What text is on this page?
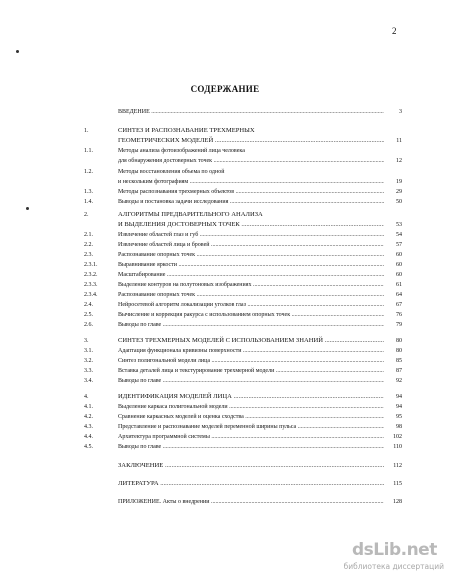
2
СОДЕРЖАНИЕ
ВВЕДЕНИЕ .....	3
1.	СИНТЕЗ И РАСПОЗНАВАНИЕ ТРЕХМЕРНЫХ
ГЕОМЕТРИЧЕСКИХ МОДЕЛЕЙ .....	11
1.1.	Методы анализа фотоизображений лица человека
для обнаружения достоверных точек .....	12
1.2.	Методы восстановления объема по одной
и нескольким фотографиям .....	19
1.3.	Методы распознавания трехмерных объектов .....	29
1.4.	Выводы и постановка задачи исследования .....	50
2.	АЛГОРИТМЫ ПРЕДВАРИТЕЛЬНОГО АНАЛИЗА
И ВЫДЕЛЕНИЯ ДОСТОВЕРНЫХ ТОЧЕК .....	53
2.1.	Извлечение областей глаз и губ .....	54
2.2.	Извлечение областей лица и бровей .....	57
2.3.	Распознавание опорных точек .....	60
2.3.1.	Выравнивание яркости .....	60
2.3.2.	Масштабирование .....	60
2.3.3.	Выделение контуров на полутоновых изображениях .....	61
2.3.4.	Распознавание опорных точек .....	64
2.4.	Нейросетевой алгоритм локализации уголков глаз .....	67
2.5.	Вычисление и коррекция ракурса с использованием опорных точек .....	76
2.6.	Выводы по главе .....	79
3.	СИНТЕЗ ТРЕХМЕРНЫХ МОДЕЛЕЙ С ИСПОЛЬЗОВАНИЕМ ЗНАНИЙ .....	80
3.1.	Адаптация функционала кривизны поверхности .....	80
3.2.	Синтез полигональной модели лица .....	85
3.3.	Вставка деталей лица и текстурирование трехмерной модели .....	87
3.4.	Выводы по главе .....	92
4.	ИДЕНТИФИКАЦИЯ МОДЕЛЕЙ ЛИЦА .....	94
4.1.	Выделение каркаса полигональной модели .....	94
4.2.	Сравнение каркасных моделей и оценка сходства .....	95
4.3.	Представление и распознавание моделей переменной ширины пульса .....	98
4.4.	Архитектура программной системы .....	102
4.5.	Выводы по главе .....	110
ЗАКЛЮЧЕНИЕ .....	112
ЛИТЕРАТУРА .....	115
ПРИЛОЖЕНИЕ. Акты о внедрении .....	128
dsLib.net
библиотека диссертаций
